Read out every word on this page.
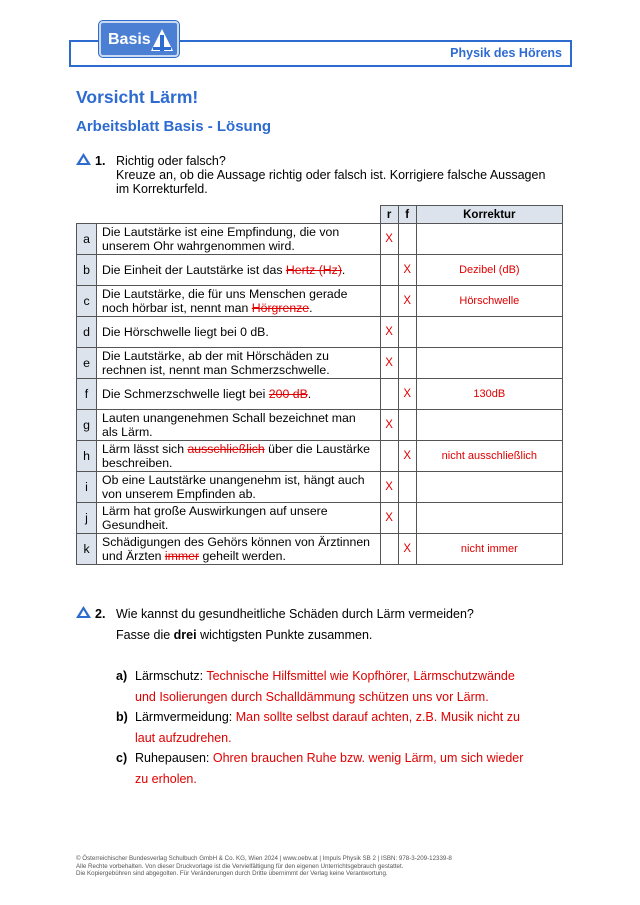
Basis
Physik des Hörens
Vorsicht Lärm!
Arbeitsblatt Basis - Lösung
1. Richtig oder falsch?
Kreuze an, ob die Aussage richtig oder falsch ist. Korrigiere falsche Aussagen im Korrekturfeld.
		r	f	Korrektur
a	Die Lautstärke ist eine Empfindung, die von unserem Ohr wahrgenommen wird.	X		
b	Die Einheit der Lautstärke ist das Hertz (Hz).		X	Dezibel (dB)
c	Die Lautstärke, die für uns Menschen gerade noch hörbar ist, nennt man Hörgrenze.		X	Hörschwelle
d	Die Hörschwelle liegt bei 0 dB.	X		
e	Die Lautstärke, ab der mit Hörschäden zu rechnen ist, nennt man Schmerzschwelle.	X		
f	Die Schmerzschwelle liegt bei 200 dB.		X	130dB
g	Lauten unangenehmen Schall bezeichnet man als Lärm.	X		
h	Lärm lässt sich ausschließlich über die Laustärke beschreiben.		X	nicht ausschließlich
i	Ob eine Lautstärke unangenehm ist, hängt auch von unserem Empfinden ab.	X		
j	Lärm hat große Auswirkungen auf unsere Gesundheit.	X		
k	Schädigungen des Gehörs können von Ärztinnen und Ärzten immer geheilt werden.		X	nicht immer
2. Wie kannst du gesundheitliche Schäden durch Lärm vermeiden?
Fasse die drei wichtigsten Punkte zusammen.
a) Lärmschutz: Technische Hilfsmittel wie Kopfhörer, Lärmschutzwände und Isolierungen durch Schalldämmung schützen uns vor Lärm.
b) Lärmvermeidung: Man sollte selbst darauf achten, z.B. Musik nicht zu laut aufzudrehen.
c) Ruhepausen: Ohren brauchen Ruhe bzw. wenig Lärm, um sich wieder zu erholen.
© Österreichischer Bundesverlag Schulbuch GmbH & Co. KG, Wien 2024 | www.oebv.at | Impuls Physik SB 2 | ISBN: 978-3-209-12339-8
Alle Rechte vorbehalten. Von dieser Druckvorlage ist die Vervielfältigung für den eigenen Unterrichtsgebrauch gestattet.
Die Kopiergebühren sind abgegolten. Für Veränderungen durch Dritte übernimmt der Verlag keine Verantwortung.
